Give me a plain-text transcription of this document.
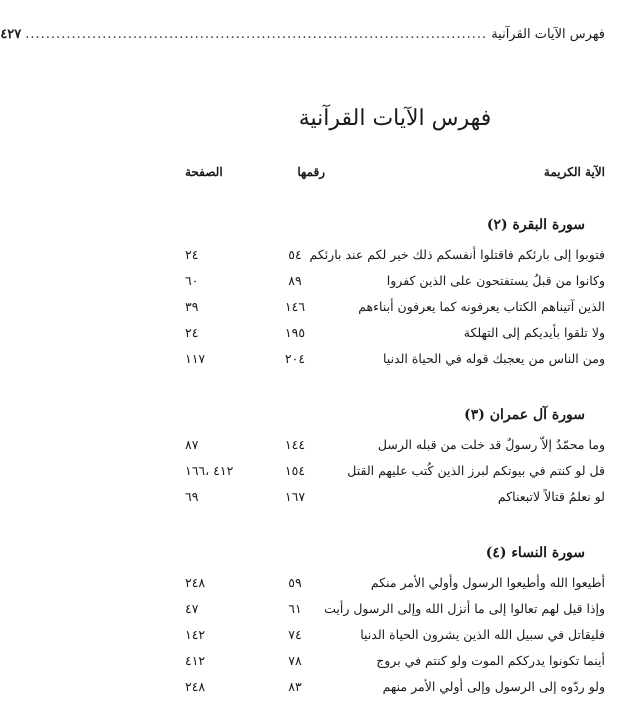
فهرس الآيات القرآنية
..........................................................................................
٤٢٧
فهرس الآيات القرآنية
الآية الكريمة
رقمها
الصفحة
سورة البقرة (٢)
فتوبوا إلى بارئكم فاقتلوا أنفسكم ذلك خير لكم عند بارئكم
٥٤
٢٤
وكانوا من قبلُ يستفتحون على الذين كفروا
٨٩
٦٠
الذين آتيناهم الكتاب يعرفونه كما يعرفون أبناءهم
١٤٦
٣٩
ولا تلقوا بأيديكم إلى التهلكة
١٩٥
٢٤
ومن الناس من يعجبك قوله في الحياة الدنيا
٢٠٤
١١٧
سورة آل عمران (٣)
وما محمّدٌ إلاّ رسولٌ قد خلت من قبله الرسل
١٤٤
٨٧
قل لو كنتم في بيوتكم لبرز الذين كُتب عليهم القتل
١٥٤
٤١٢ ،١٦٦
لو نعلمُ قتالاً لاتبعناكم
١٦٧
٦٩
سورة النساء (٤)
أطيعوا الله وأطيعوا الرسول وأولي الأمر منكم
٥٩
٢٤٨
وإذا قيل لهم تعالوا إلى ما أنزل الله وإلى الرسول رأيت
٦١
٤٧
فليقاتل في سبيل الله الذين يشرون الحياة الدنيا
٧٤
١٤٢
أينما تكونوا يدرككم الموت ولو كنتم في بروج
٧٨
٤١٢
ولو ردّوه إلى الرسول وإلى أولي الأمر منهم
٨٣
٢٤٨
